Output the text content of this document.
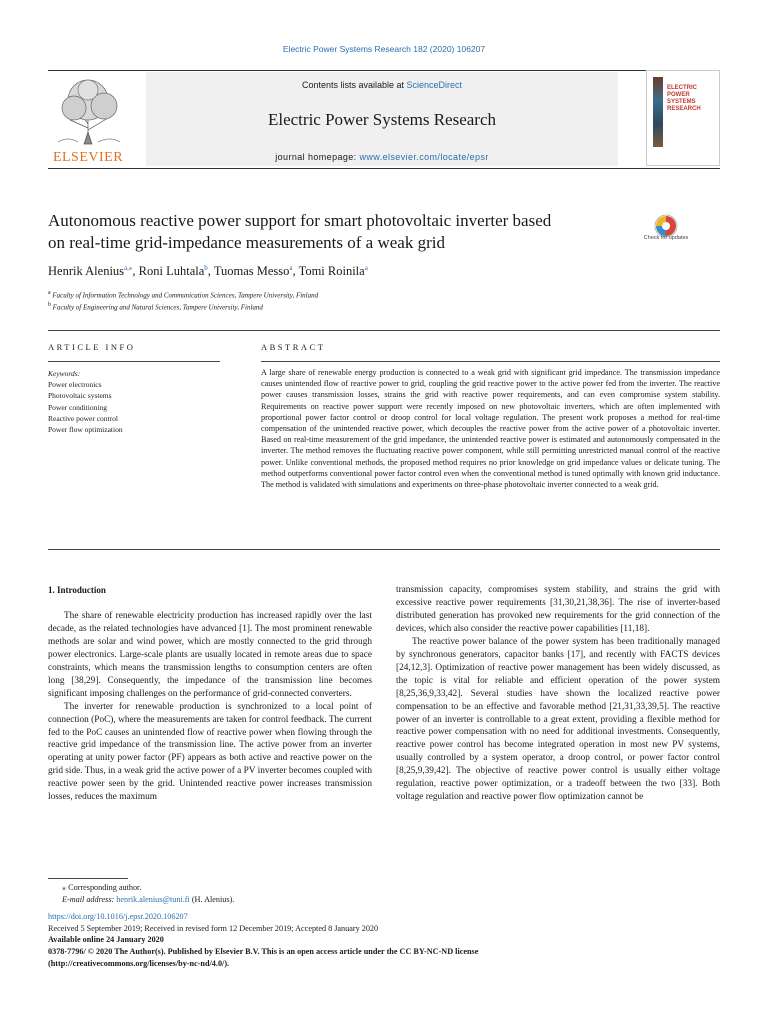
Electric Power Systems Research 182 (2020) 106207
ELSEVIER
Contents lists available at ScienceDirect
Electric Power Systems Research
journal homepage: www.elsevier.com/locate/epsr
ELECTRIC POWER SYSTEMS RESEARCH
Autonomous reactive power support for smart photovoltaic inverter based
on real-time grid-impedance measurements of a weak grid	Check for updates
Henrik Alenius$^{a,⁎}$, Roni Luhtala$^b$, Tuomas Messo$^a$, Tomi Roinila$^a$
$^a$ Faculty of Information Technology and Communication Sciences, Tampere University, Finland
$^b$ Faculty of Engineering and Natural Sciences, Tampere University, Finland
ARTICLE INFO	ABSTRACT
Keywords:
Power electronics
Photovoltaic systems
Power conditioning
Reactive power control
Power flow optimization
A large share of renewable energy production is connected to a weak grid with significant grid impedance. The transmission impedance causes unintended flow of reactive power to grid, coupling the grid reactive power to the active power fed from the inverter. The reactive power causes transmission losses, strains the grid with reactive power requirements, and can even compromise system stability. Requirements on reactive power support were recently imposed on new photovoltaic inverters, which are often implemented with proportional power factor control or droop control for local voltage regulation. The present work proposes a method for real-time compensation of the unintended reactive power, which decouples the reactive power from the active power of a photovoltaic inverter. Based on real-time measurement of the grid impedance, the unintended reactive power is estimated and autonomously compensated in the inverter. The method removes the fluctuating reactive power component, while still permitting unrestricted manual control of the reactive power. Unlike conventional methods, the proposed method requires no prior knowledge on grid impedance values or delicate tuning. The method outperforms conventional power factor control even when the conventional method is tuned optimally with known grid inductance. The method is validated with simulations and experiments on three-phase photovoltaic inverter connected to a weak grid.
1. Introduction

The share of renewable electricity production has increased rapidly over the last decade, as the related technologies have advanced [1]. The most prominent renewable methods are solar and wind power, which are mostly connected to the grid through power electronics. Large-scale plants are usually located in remote areas due to space constraints, which means the transmission lengths to consumption centers are often long [38,29]. Consequently, the impedance of the transmission line becomes significant imposing challenges on the performance of grid-connected converters.

The inverter for renewable production is synchronized to a local point of connection (PoC), where the measurements are taken for control feedback. The current fed to the PoC causes an unintended flow of reactive power when flowing through the reactive grid impedance of the transmission line. The active power from an inverter operating at unity power factor (PF) appears as both active and reactive power on the grid side. Thus, in a weak grid the active power of a PV inverter becomes coupled with reactive power seen by the grid. Unintended reactive power increases transmission losses, reduces the maximum

transmission capacity, compromises system stability, and strains the grid with excessive reactive power requirements [31,30,21,38,36]. The rise of inverter-based distributed generation has provoked new requirements for the grid connection of the devices, which also consider the reactive power capabilities [11,18].

The reactive power balance of the power system has been traditionally managed by synchronous generators, capacitor banks [17], and recently with FACTS devices [24,12,3]. Optimization of reactive power management has been widely discussed, as the topic is vital for reliable and efficient operation of the power system [8,25,36,9,33,42]. Several studies have shown the localized reactive power compensation to be an effective and favorable method [21,31,33,39,5]. The reactive power of an inverter is controllable to a great extent, providing a flexible method for reactive power compensation with no need for additional investments. Consequently, reactive power control has become integrated operation in most new PV systems, usually controlled by a system operator, a droop control, or power factor control [8,25,9,39,42]. The objective of reactive power control is usually either voltage regulation, reactive power optimization, or a tradeoff between the two [33]. Both voltage regulation and reactive power flow optimization cannot be

⁎ Corresponding author.
E-mail address: henrik.alenius@tuni.fi (H. Alenius).
https://doi.org/10.1016/j.epsr.2020.106207
Received 5 September 2019; Received in revised form 12 December 2019; Accepted 8 January 2020
Available online 24 January 2020
0378-7796/ © 2020 The Author(s). Published by Elsevier B.V. This is an open access article under the CC BY-NC-ND license
(http://creativecommons.org/licenses/by-nc-nd/4.0/).
